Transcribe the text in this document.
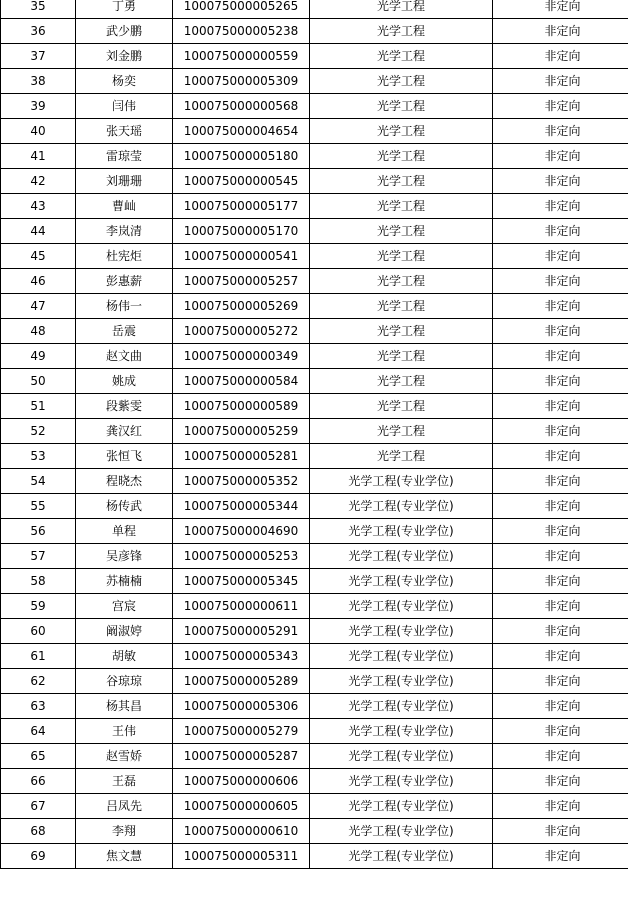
35	丁勇	100075000005265	光学工程	非定向
36	武少鹏	100075000005238	光学工程	非定向
37	刘金鹏	100075000000559	光学工程	非定向
38	杨奕	100075000005309	光学工程	非定向
39	闫伟	100075000000568	光学工程	非定向
40	张天瑶	100075000004654	光学工程	非定向
41	雷琼莹	100075000005180	光学工程	非定向
42	刘珊珊	100075000000545	光学工程	非定向
43	曹屾	100075000005177	光学工程	非定向
44	李岚清	100075000005170	光学工程	非定向
45	杜宪炬	100075000000541	光学工程	非定向
46	彭惠薪	100075000005257	光学工程	非定向
47	杨伟一	100075000005269	光学工程	非定向
48	岳震	100075000005272	光学工程	非定向
49	赵文曲	100075000000349	光学工程	非定向
50	姚成	100075000000584	光学工程	非定向
51	段紫雯	100075000000589	光学工程	非定向
52	龚汉红	100075000005259	光学工程	非定向
53	张恒飞	100075000005281	光学工程	非定向
54	程晓杰	100075000005352	光学工程(专业学位)	非定向
55	杨传武	100075000005344	光学工程(专业学位)	非定向
56	单程	100075000004690	光学工程(专业学位)	非定向
57	吴彦锋	100075000005253	光学工程(专业学位)	非定向
58	苏楠楠	100075000005345	光学工程(专业学位)	非定向
59	宫宸	100075000000611	光学工程(专业学位)	非定向
60	阚淑婷	100075000005291	光学工程(专业学位)	非定向
61	胡敏	100075000005343	光学工程(专业学位)	非定向
62	谷琼琼	100075000005289	光学工程(专业学位)	非定向
63	杨其昌	100075000005306	光学工程(专业学位)	非定向
64	王伟	100075000005279	光学工程(专业学位)	非定向
65	赵雪娇	100075000005287	光学工程(专业学位)	非定向
66	王磊	100075000000606	光学工程(专业学位)	非定向
67	吕凤先	100075000000605	光学工程(专业学位)	非定向
68	李翔	100075000000610	光学工程(专业学位)	非定向
69	焦文慧	100075000005311	光学工程(专业学位)	非定向
